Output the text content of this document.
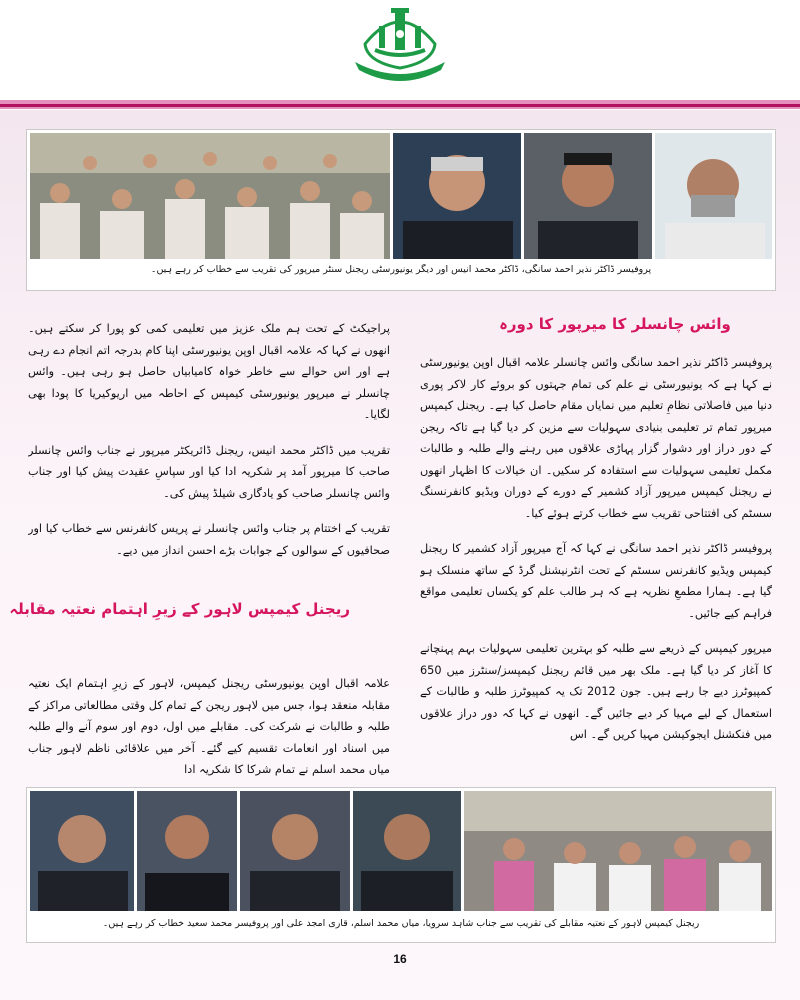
پروفیسر ڈاکٹر نذیر احمد سانگی، ڈاکٹر محمد انیس اور دیگر یونیورسٹی ریجنل سنٹر میرپور کی تقریب سے خطاب کر رہے ہیں۔
وائس چانسلر کا میرپور کا دورہ

پروفیسر ڈاکٹر نذیر احمد سانگی وائس چانسلر علامہ اقبال اوپن یونیورسٹی نے کہا ہے کہ یونیورسٹی نے علم کی تمام جہتوں کو بروئے کار لاکر پوری دنیا میں فاصلاتی نظامِ تعلیم میں نمایاں مقام حاصل کیا ہے۔ ریجنل کیمپس میرپور تمام تر تعلیمی بنیادی سہولیات سے مزین کر دیا گیا ہے تاکہ ریجن کے دور دراز اور دشوار گزار پہاڑی علاقوں میں رہنے والے طلبہ و طالبات مکمل تعلیمی سہولیات سے استفادہ کر سکیں۔ ان خیالات کا اظہار انھوں نے ریجنل کیمپس میرپور آزاد کشمیر کے دورے کے دوران ویڈیو کانفرنسنگ سسٹم کی افتتاحی تقریب سے خطاب کرتے ہوئے کیا۔

پروفیسر ڈاکٹر نذیر احمد سانگی نے کہا کہ آج میرپور آزاد کشمیر کا ریجنل کیمپس ویڈیو کانفرنس سسٹم کے تحت انٹرنیشنل گرڈ کے ساتھ منسلک ہو گیا ہے۔ ہمارا مطمعِ نظریہ ہے کہ ہر طالب علم کو یکساں تعلیمی مواقع فراہم کیے جائیں۔

میرپور کیمپس کے ذریعے سے طلبہ کو بہترین تعلیمی سہولیات بہم پہنچانے کا آغاز کر دیا گیا ہے۔ ملک بھر میں قائم ریجنل کیمپسز/سنٹرز میں 650 کمپیوٹرز دیے جا رہے ہیں۔ جون 2012 تک یہ کمپیوٹرز طلبہ و طالبات کے استعمال کے لیے مہیا کر دیے جائیں گے۔ انھوں نے کہا کہ دور دراز علاقوں میں فنکشنل ایجوکیشن مہیا کریں گے۔ اس

پراجیکٹ کے تحت ہم ملک عزیز میں تعلیمی کمی کو پورا کر سکتے ہیں۔ انھوں نے کہا کہ علامہ اقبال اوپن یونیورسٹی اپنا کام بدرجہ اتم انجام دے رہی ہے اور اس حوالے سے خاطر خواہ کامیابیاں حاصل ہو رہی ہیں۔ وائس چانسلر نے میرپور یونیورسٹی کیمپس کے احاطہ میں اریوکیریا کا پودا بھی لگایا۔

تقریب میں ڈاکٹر محمد انیس، ریجنل ڈائریکٹر میرپور نے جناب وائس چانسلر صاحب کا میرپور آمد پر شکریہ ادا کیا اور سپاسِ عقیدت پیش کیا اور جناب وائس چانسلر صاحب کو یادگاری شیلڈ پیش کی۔

تقریب کے اختتام پر جناب وائس چانسلر نے پریس کانفرنس سے خطاب کیا اور صحافیوں کے سوالوں کے جوابات بڑے احسن انداز میں دیے۔

ریجنل کیمپس لاہور کے زیرِ اہتمام نعتیہ مقابلہ

علامہ اقبال اوپن یونیورسٹی ریجنل کیمپس، لاہور کے زیرِ اہتمام ایک نعتیہ مقابلہ منعقد ہوا، جس میں لاہور ریجن کے تمام کل وقتی مطالعاتی مراکز کے طلبہ و طالبات نے شرکت کی۔ مقابلے میں اول، دوم اور سوم آنے والے طلبہ میں اسناد اور انعامات تقسیم کیے گئے۔ آخر میں علاقائی ناظم لاہور جناب میاں محمد اسلم نے تمام شرکا کا شکریہ ادا

ریجنل کیمپس لاہور کے نعتیہ مقابلے کی تقریب سے جناب شاہد سرویا، میاں محمد اسلم، قاری امجد علی اور پروفیسر محمد سعید خطاب کر رہے ہیں۔
16
